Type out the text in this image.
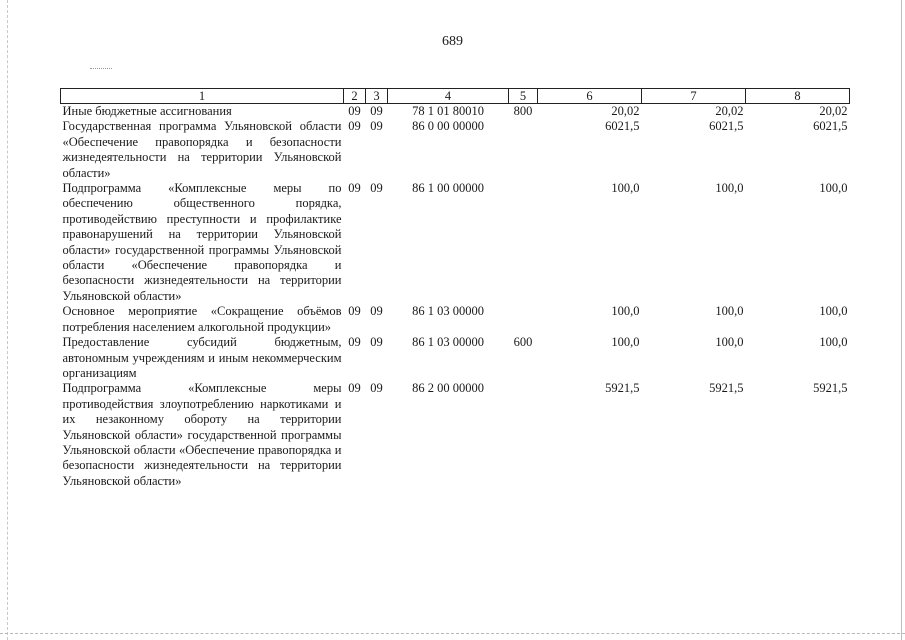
689
1	2	3	4	5	6	7	8
Иные бюджетные ассигнования	09	09	78 1 01 80010	800	20,02	20,02	20,02
Государственная программа Ульяновской области «Обеспечение правопорядка и безопасности жизнедеятельности на территории Ульяновской области»	09	09	86 0 00 00000		6021,5	6021,5	6021,5
Подпрограмма «Комплексные меры по обеспечению общественного порядка, противодействию преступности и профилактике правонарушений на территории Ульяновской области» государственной программы Ульяновской области «Обеспечение правопорядка и безопасности жизнедеятельности на территории Ульяновской области»	09	09	86 1 00 00000		100,0	100,0	100,0
Основное мероприятие «Сокращение объёмов потребления населением алкогольной продукции»	09	09	86 1 03 00000		100,0	100,0	100,0
Предоставление субсидий бюджетным, автономным учреждениям и иным некоммерческим организациям	09	09	86 1 03 00000	600	100,0	100,0	100,0
Подпрограмма «Комплексные меры противодействия злоупотреблению наркотиками и их незаконному обороту на территории Ульяновской области» государственной программы Ульяновской области «Обеспечение правопорядка и безопасности жизнедеятельности на территории Ульяновской области»	09	09	86 2 00 00000		5921,5	5921,5	5921,5
